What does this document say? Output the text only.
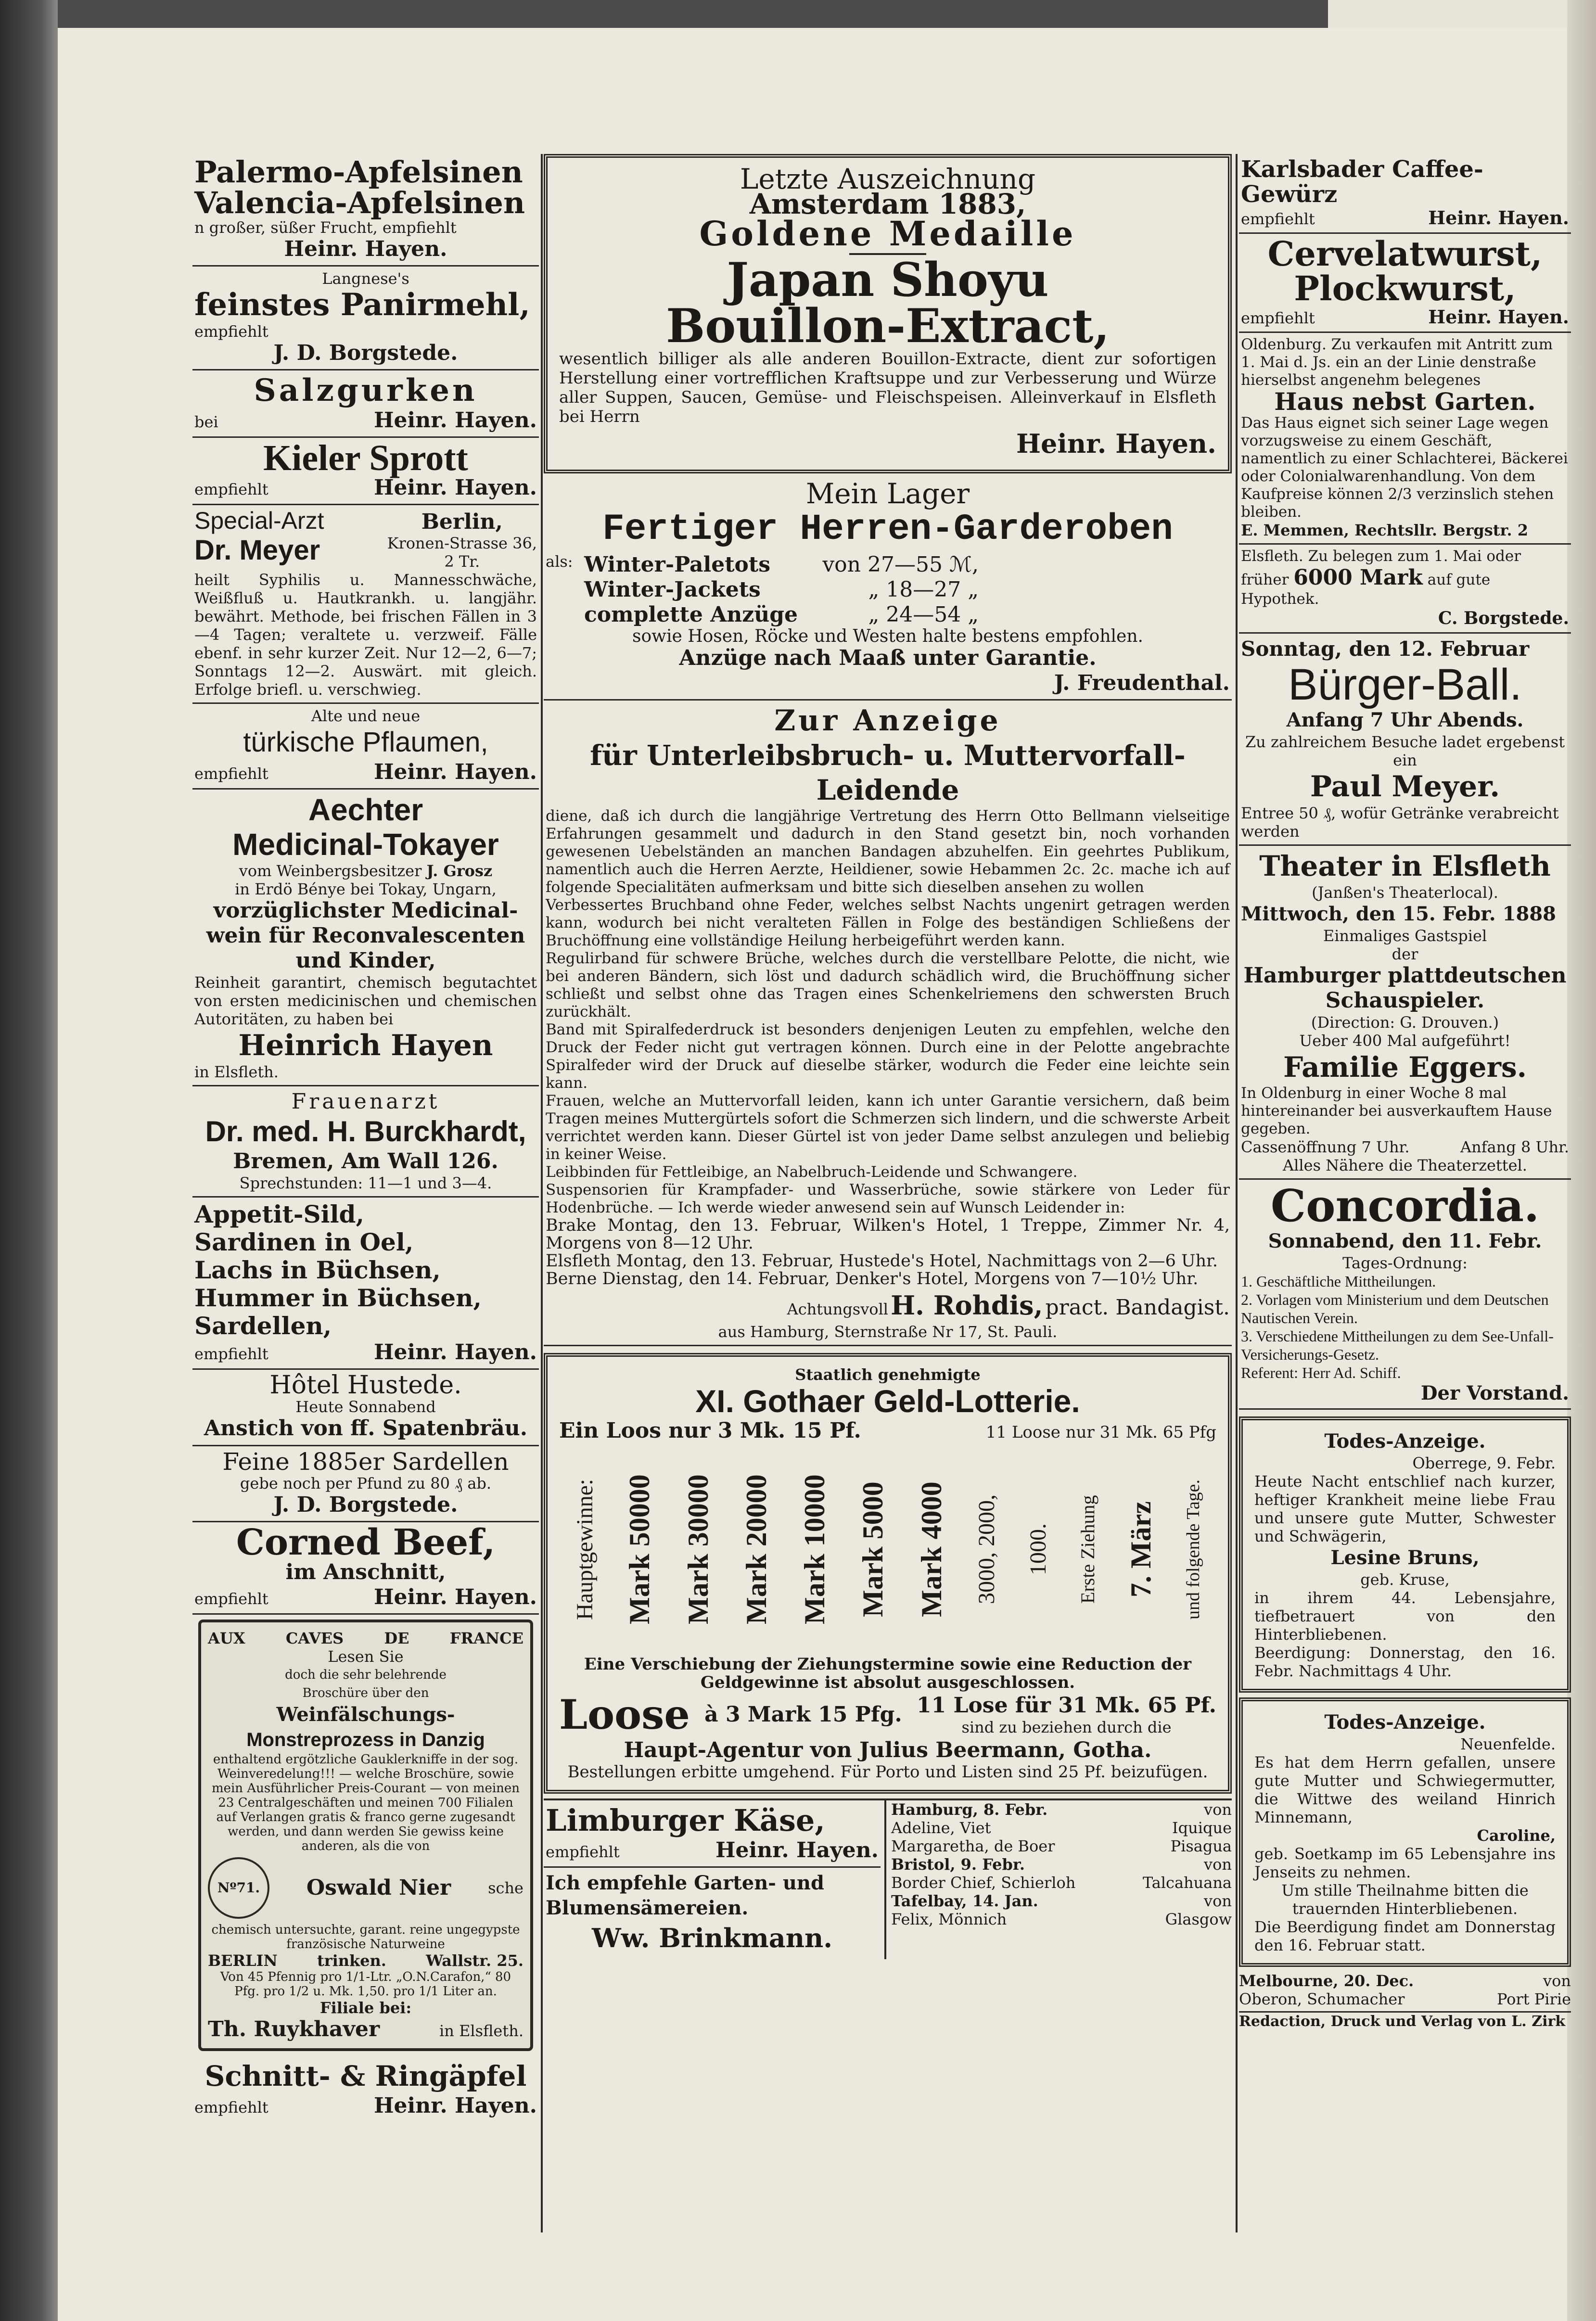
Palermo-Apfelsinen
Valencia-Apfelsinen
n großer, süßer Frucht, empfiehlt
Heinr. Hayen.
Langnese's
feinstes Panirmehl,
empfiehlt
J. D. Borgstede.
Salzgurken
bei	Heinr. Hayen.
Kieler Sprott
empfiehlt	Heinr. Hayen.
Special-Arzt
Dr. Meyer
Berlin,
Kronen-Strasse 36,
2 Tr.
heilt Syphilis u. Mannesschwäche, Weißfluß u. Hautkrankh. u. langjähr. bewährt. Methode, bei frischen Fällen in 3—4 Tagen; veraltete u. verzweif. Fälle ebenf. in sehr kurzer Zeit. Nur 12—2, 6—7; Sonntags 12—2. Auswärt. mit gleich. Erfolge briefl. u. verschwieg.
Alte und neue
türkische Pflaumen,
empfiehlt	Heinr. Hayen.
Aechter
Medicinal-Tokayer
vom Weinbergsbesitzer J. Grosz
in Erdö Bénye bei Tokay, Ungarn,
vorzüglichster Medicinal-
wein für Reconvalescenten
und Kinder,
Reinheit garantirt, chemisch begutachtet von ersten medicinischen und chemischen Autoritäten, zu haben bei
Heinrich Hayen
in Elsfleth.
Frauenarzt
Dr. med. H. Burckhardt,
Bremen, Am Wall 126.
Sprechstunden: 11—1 und 3—4.
Appetit-Sild,
Sardinen in Oel,
Lachs in Büchsen,
Hummer in Büchsen,
Sardellen,
empfiehlt	Heinr. Hayen.
Hôtel Hustede.
Heute Sonnabend
Anstich von ff. Spatenbräu.
Feine 1885er Sardellen
gebe noch per Pfund zu 80 ₰ ab.
J. D. Borgstede.
Corned Beef,
im Anschnitt,
empfiehlt	Heinr. Hayen.
AUX	CAVES	DE	FRANCE
Lesen Sie
doch die sehr belehrende
Broschüre über den
Weinfälschungs-
Monstreprozess in Danzig
enthaltend ergötzliche Gauklerkniffe in der sog. Weinveredelung!!! — welche Broschüre, sowie mein Ausführlicher Preis-Courant — von meinen 23 Centralgeschäften und meinen 700 Filialen auf Verlangen gratis & franco gerne zugesandt werden, und dann werden Sie gewiss keine anderen, als die von
Nº71.	Oswald Nier sche
chemisch untersuchte, garant. reine ungegypste französische Naturweine
BERLIN	trinken.	Wallstr. 25.
Von 45 Pfennig pro 1/1-Ltr. „O.N.Carafon,“ 80 Pfg. pro 1/2 u. Mk. 1,50. pro 1/1 Liter an.
Filiale bei:
Th. Ruykhaver	in Elsfleth.
Schnitt- & Ringäpfel
empfiehlt	Heinr. Hayen.
Letzte Auszeichnung
Amsterdam 1883,
Goldene Medaille
Japan Shoyu
Bouillon-Extract,
wesentlich billiger als alle anderen Bouillon-Extracte, dient zur sofortigen Herstellung einer vortrefflichen Kraftsuppe und zur Verbesserung und Würze aller Suppen, Saucen, Gemüse- und Fleischspeisen. Alleinverkauf in Elsfleth bei Herrn
Heinr. Hayen.
Mein Lager
Fertiger Herren-Garderoben
als: Winter-Paletots von 27—55 ℳ,
Winter-Jackets	„ 18—27 „
complette Anzüge	„ 24—54 „
sowie Hosen, Röcke und Westen halte bestens empfohlen.
Anzüge nach Maaß unter Garantie.
J. Freudenthal.
Zur Anzeige
für Unterleibsbruch- u. Muttervorfall-Leidende

diene, daß ich durch die langjährige Vertretung des Herrn Otto Bellmann vielseitige Erfahrungen gesammelt und dadurch in den Stand gesetzt bin, noch vorhanden gewesenen Uebelständen an manchen Bandagen abzuhelfen. Ein geehrtes Publikum, namentlich auch die Herren Aerzte, Heildiener, sowie Hebammen 2c. 2c. mache ich auf folgende Specialitäten aufmerksam und bitte sich dieselben ansehen zu wollen

Verbessertes Bruchband ohne Feder, welches selbst Nachts ungenirt getragen werden kann, wodurch bei nicht veralteten Fällen in Folge des beständigen Schließens der Bruchöffnung eine vollständige Heilung herbeigeführt werden kann.

Regulirband für schwere Brüche, welches durch die verstellbare Pelotte, die nicht, wie bei anderen Bändern, sich löst und dadurch schädlich wird, die Bruchöffnung sicher schließt und selbst ohne das Tragen eines Schenkelriemens den schwersten Bruch zurückhält.

Band mit Spiralfederdruck ist besonders denjenigen Leuten zu empfehlen, welche den Druck der Feder nicht gut vertragen können. Durch eine in der Pelotte angebrachte Spiralfeder wird der Druck auf dieselbe stärker, wodurch die Feder eine leichte sein kann.

Frauen, welche an Muttervorfall leiden, kann ich unter Garantie versichern, daß beim Tragen meines Muttergürtels sofort die Schmerzen sich lindern, und die schwerste Arbeit verrichtet werden kann. Dieser Gürtel ist von jeder Dame selbst anzulegen und beliebig in keiner Weise.

Leibbinden für Fettleibige, an Nabelbruch-Leidende und Schwangere.

Suspensorien für Krampfader- und Wasserbrüche, sowie stärkere von Leder für Hodenbrüche. — Ich werde wieder anwesend sein auf Wunsch Leidender in:

Brake Montag, den 13. Februar, Wilken's Hotel, 1 Treppe, Zimmer Nr. 4, Morgens von 8—12 Uhr.

Elsfleth Montag, den 13. Februar, Hustede's Hotel, Nachmittags von 2—6 Uhr.

Berne Dienstag, den 14. Februar, Denker's Hotel, Morgens von 7—10½ Uhr.

Achtungsvoll H. Rohdis, pract. Bandagist.
aus Hamburg, Sternstraße Nr 17, St. Pauli.
Staatlich genehmigte
XI. Gothaer Geld-Lotterie.
Ein Loos nur 3 Mk. 15 Pf.	11 Loose nur 31 Mk. 65 Pfg
Hauptgewinne: Mark 50000 Mark 30000 Mark 20000 Mark 10000 Mark 5000 Mark 4000 3000, 2000, 1000. Erste Ziehung 7. März und folgende Tage.
Eine Verschiebung der Ziehungstermine sowie eine Reduction der Geldgewinne ist absolut ausgeschlossen.
Loose à 3 Mark 15 Pfg. 11 Lose für 31 Mk. 65 Pf.
sind zu beziehen durch die
Haupt-Agentur von Julius Beermann, Gotha.
Bestellungen erbitte umgehend. Für Porto und Listen sind 25 Pf. beizufügen.
Limburger Käse,
empfiehlt	Heinr. Hayen.
Ich empfehle Garten- und Blumensämereien.
Ww. Brinkmann.
Hamburg, 8. Febr.	von
Adeline, Viet	Iquique
Margaretha, de Boer	Pisagua
Bristol, 9. Febr.	von
Border Chief, Schierloh	Talcahuana
Tafelbay, 14. Jan.	von
Felix, Mönnich	Glasgow
Karlsbader Caffee-Gewürz
empfiehlt	Heinr. Hayen.
Cervelatwurst,
Plockwurst,
empfiehlt	Heinr. Hayen.
Oldenburg. Zu verkaufen mit Antritt zum 1. Mai d. Js. ein an der Linie denstraße hierselbst angenehm belegenes
Haus nebst Garten.
Das Haus eignet sich seiner Lage wegen vorzugsweise zu einem Geschäft, namentlich zu einer Schlachterei, Bäckerei oder Colonialwarenhandlung. Von dem Kaufpreise können 2/3 verzinslich stehen bleiben.
E. Memmen, Rechtsllr. Bergstr. 2
Elsfleth. Zu belegen zum 1. Mai oder früher 6000 Mark auf gute Hypothek.
C. Borgstede.
Sonntag, den 12. Februar
Bürger-Ball.
Anfang 7 Uhr Abends.
Zu zahlreichem Besuche ladet ergebenst ein
Paul Meyer.
Entree 50 ₰, wofür Getränke verabreicht werden
Theater in Elsfleth
(Janßen's Theaterlocal).
Mittwoch, den 15. Febr. 1888
Einmaliges Gastspiel
der
Hamburger plattdeutschen
Schauspieler.
(Direction: G. Drouven.)
Ueber 400 Mal aufgeführt!
Familie Eggers.
In Oldenburg in einer Woche 8 mal hintereinander bei ausverkauftem Hause gegeben.
Cassenöffnung 7 Uhr.	Anfang 8 Uhr.
Alles Nähere die Theaterzettel.
Concordia.
Sonnabend, den 11. Febr.
Tages-Ordnung:
1. Geschäftliche Mittheilungen.
2. Vorlagen vom Ministerium und dem Deutschen Nautischen Verein.
3. Verschiedene Mittheilungen zu dem See-Unfall-Versicherungs-Gesetz.
Referent: Herr Ad. Schiff.
Der Vorstand.
Todes-Anzeige.
Oberrege, 9. Febr.
Heute Nacht entschlief nach kurzer, heftiger Krankheit meine liebe Frau und unsere gute Mutter, Schwester und Schwägerin,
Lesine Bruns,
geb. Kruse,
in ihrem 44. Lebensjahre, tiefbetrauert von den Hinterbliebenen.
Beerdigung: Donnerstag, den 16. Febr. Nachmittags 4 Uhr.
Todes-Anzeige.
Neuenfelde.
Es hat dem Herrn gefallen, unsere gute Mutter und Schwiegermutter, die Wittwe des weiland Hinrich Minnemann,
Caroline,
geb. Soetkamp im 65 Lebensjahre ins Jenseits zu nehmen.
Um stille Theilnahme bitten die trauernden Hinterbliebenen.
Die Beerdigung findet am Donnerstag den 16. Februar statt.
Melbourne, 20. Dec.	von
Oberon, Schumacher	Port Pirie
Redaction, Druck und Verlag von L. Zirk
